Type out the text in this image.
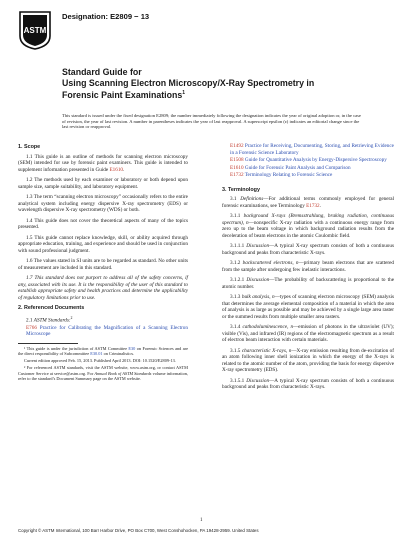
ASTM
Designation: E2809 − 13
Standard Guide for
Using Scanning Electron Microscopy/X-Ray Spectrometry in
Forensic Paint Examinations$^1$
This standard is issued under the fixed designation E2809; the number immediately following the designation indicates the year of original adoption or, in the case of revision, the year of last revision. A number in parentheses indicates the year of last reapproval. A superscript epsilon (ε) indicates an editorial change since the last revision or reapproval.
1. Scope

1.1 This guide is an outline of methods for scanning electron microscopy (SEM) intended for use by forensic paint examiners. This guide is intended to supplement information presented in Guide E1610.

1.2 The methods used by each examiner or laboratory or both depend upon sample size, sample suitability, and laboratory equipment.

1.3 The term “scanning electron microscopy” occasionally refers to the entire analytical system including energy dispersive X-ray spectrometry (EDS) or wavelength dispersive X-ray spectrometry (WDS) or both.

1.4 This guide does not cover the theoretical aspects of many of the topics presented.

1.5 This guide cannot replace knowledge, skill, or ability acquired through appropriate education, training, and experience and should be used in conjunction with sound professional judgment.

1.6 The values stated in SI units are to be regarded as standard. No other units of measurement are included in this standard.

1.7 This standard does not purport to address all of the safety concerns, if any, associated with its use. It is the responsibility of the user of this standard to establish appropriate safety and health practices and determine the applicability of regulatory limitations prior to use.

2. Referenced Documents

2.1 ASTM Standards:$^2$

E766 Practice for Calibrating the Magnification of a Scanning Electron Microscope

¹ This guide is under the jurisdiction of ASTM Committee E30 on Forensic Sciences and are the direct responsibility of Subcommittee E30.01 on Criminalistics.

Current edition approved Feb. 15, 2013. Published April 2013. DOI: 10.1520/E2809-13.

² For referenced ASTM standards, visit the ASTM website, www.astm.org, or contact ASTM Customer Service at service@astm.org. For Annual Book of ASTM Standards volume information, refer to the standard’s Document Summary page on the ASTM website.

E1492 Practice for Receiving, Documenting, Storing, and Retrieving Evidence in a Forensic Science Laboratory

E1508 Guide for Quantitative Analysis by Energy-Dispersive Spectroscopy

E1610 Guide for Forensic Paint Analysis and Comparison

E1732 Terminology Relating to Forensic Science

3. Terminology

3.1 Definitions—For additional terms commonly employed for general forensic examinations, see Terminology E1732.

3.1.1 background X-rays (Bremsstrahlung, braking radiation, continuous spectrum), n—nonspecific X-ray radiation with a continuous energy range from zero up to the beam voltage in which background radiation results from the deceleration of beam electrons in the atomic Coulombic field.

3.1.1.1 Discussion—A typical X-ray spectrum consists of both a continuous background and peaks from characteristic X-rays.

3.1.2 backscattered electrons, n—primary beam electrons that are scattered from the sample after undergoing few inelastic interactions.

3.1.2.1 Discussion—The probability of backscattering is proportional to the atomic number.

3.1.3 bulk analysis, n—types of scanning electron microscopy (SEM) analysis that determines the average elemental composition of a material in which the area of analysis is as large as possible and may be achieved by a single large area raster or the summed results from multiple smaller area rasters.

3.1.4 cathodoluminescence, n—emission of photons in the ultraviolet (UV); visible (Vis), and infrared (IR) regions of the electromagnetic spectrum as a result of electron beam interaction with certain materials.

3.1.5 characteristic X-rays, n—X-ray emission resulting from de-excitation of an atom following inner shell ionization in which the energy of the X-rays is related to the atomic number of the atom, providing the basis for energy dispersive X-ray spectrometry (EDS).

3.1.5.1 Discussion—A typical X-ray spectrum consists of both a continuous background and peaks from characteristic X-rays.

1
Copyright © ASTM International, 100 Barr Harbor Drive, PO Box C700, West Conshohocken, PA 19428-2959. United States
